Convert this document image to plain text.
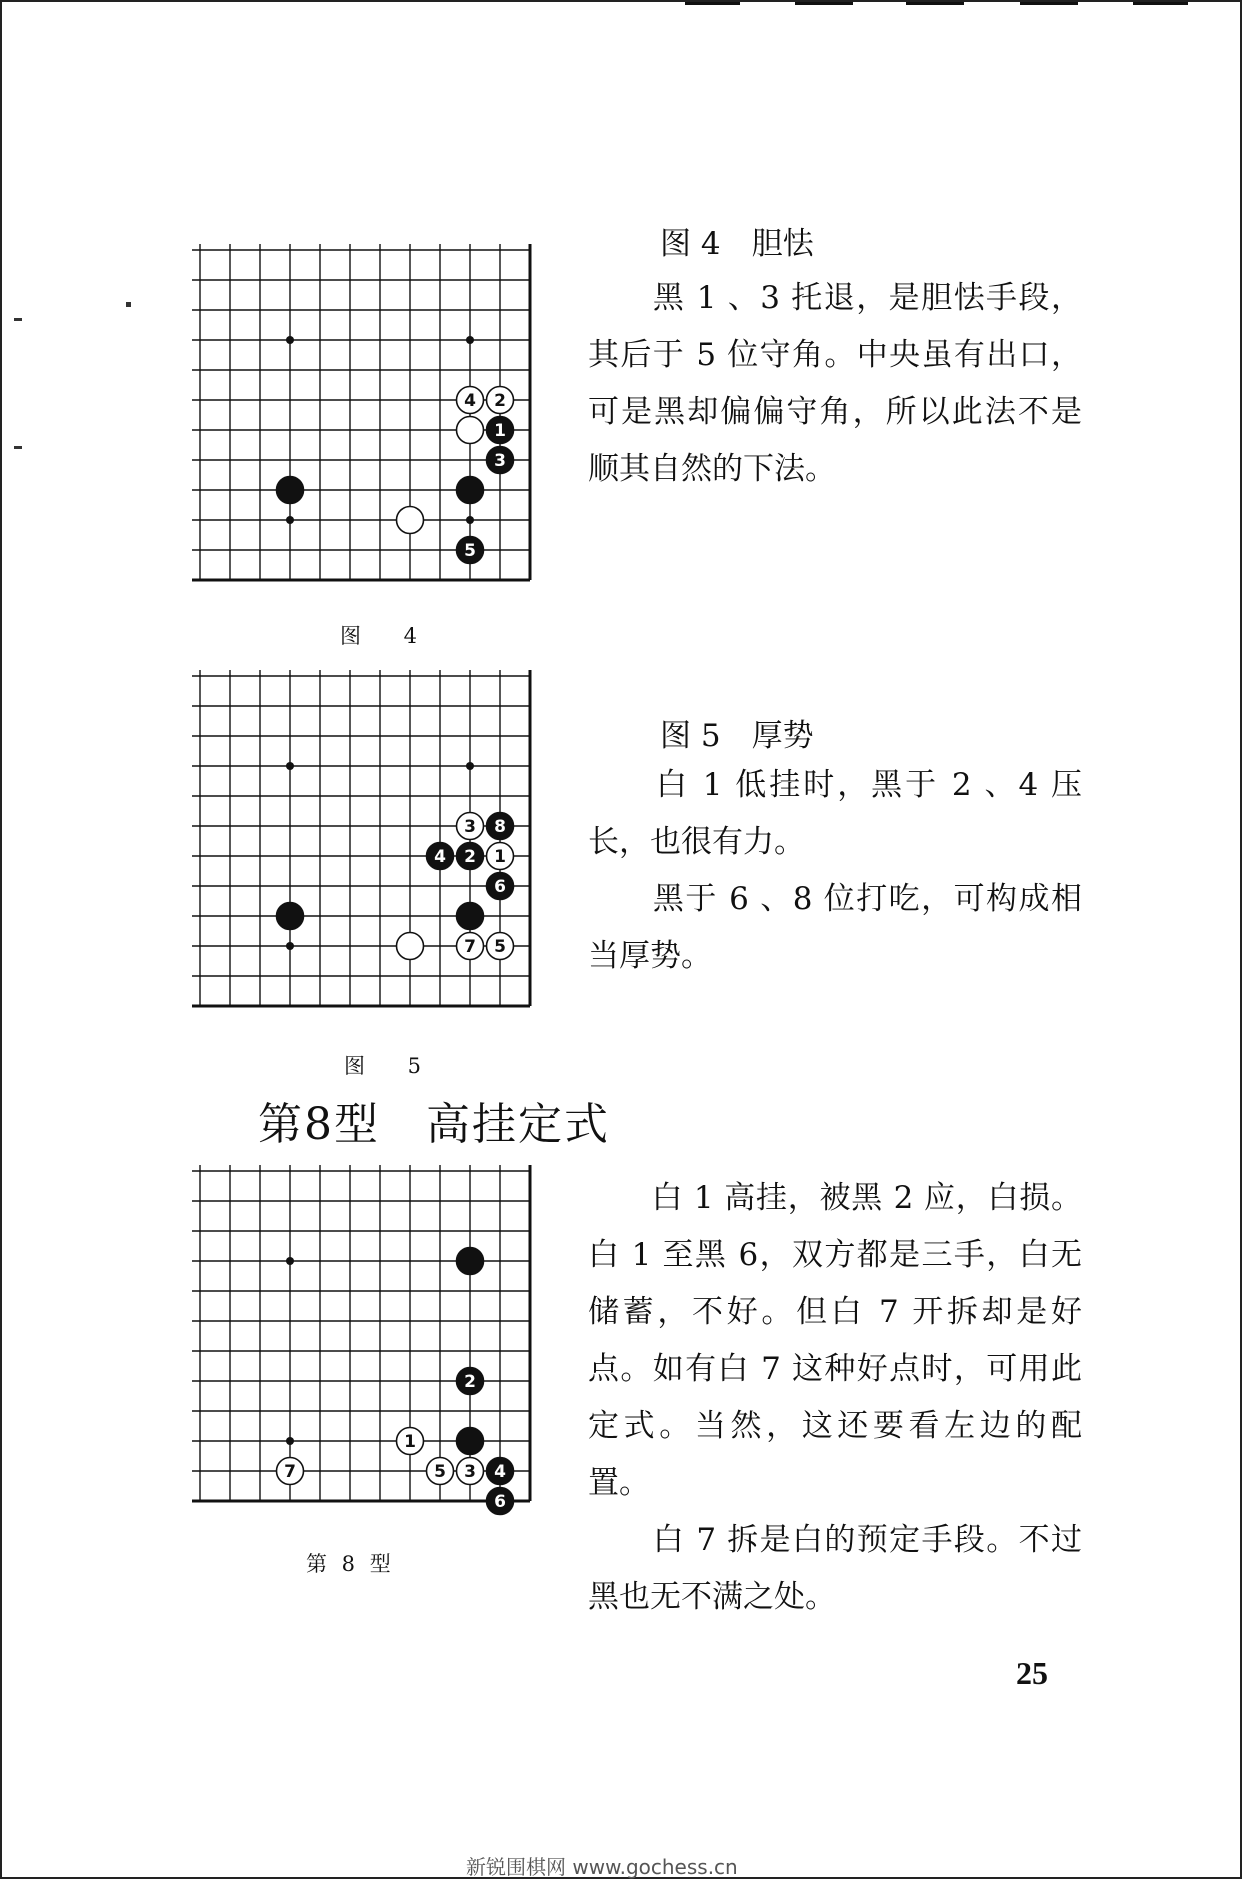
4 2
1
3
5
图 4
图 4　胆怯

　　黑 1 、3 托退，是胆怯手段，其后于 5 位守角。中央虽有出口，可是黑却偏偏守角，所以此法不是顺其自然的下法。

3 8
4 2 1
6
7 5
图 5
图 5　厚势

　　白 1 低挂时，黑于 2 、4 压长，也很有力。

　　黑于 6 、8 位打吃，可构成相当厚势。

第8型　高挂定式
2
1
7	5 3 4
6
第 8 型

　　白 1 高挂，被黑 2 应，白损。白 1 至黑 6，双方都是三手，白无储蓄，不好。但白 7 开拆却是好点。如有白 7 这种好点时，可用此定式。当然，这还要看左边的配置。

　　白 7 拆是白的预定手段。不过黑也无不满之处。

25
新锐围棋网 www.gochess.cn
